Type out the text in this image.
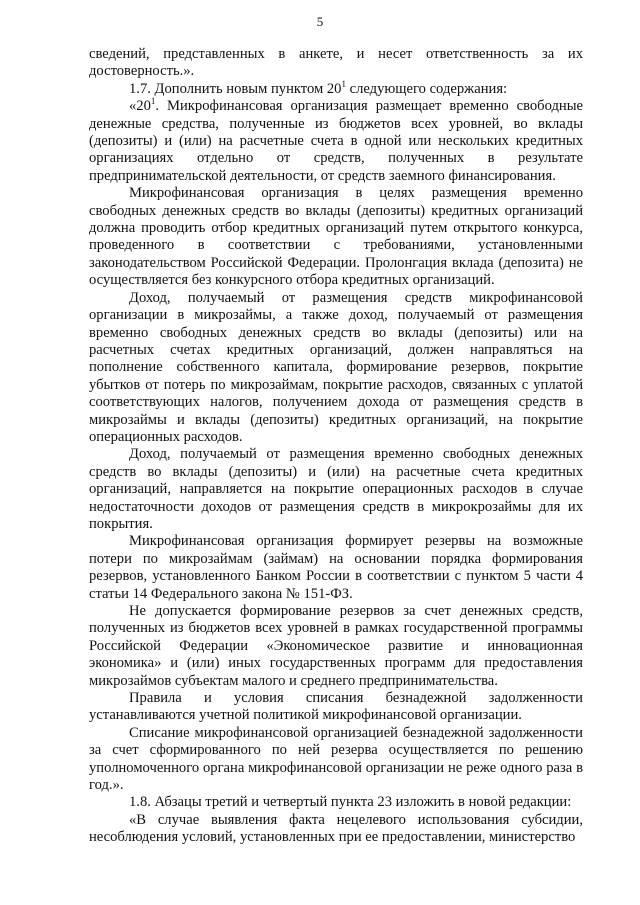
5

сведений, представленных в анкете, и несет ответственность за их достоверность.».

1.7. Дополнить новым пунктом $20^1$ следующего содержания:

«$20^1$. Микрофинансовая организация размещает временно свободные денежные средства, полученные из бюджетов всех уровней, во вклады (депозиты) и (или) на расчетные счета в одной или нескольких кредитных организациях отдельно от средств, полученных в результате предпринимательской деятельности, от средств заемного финансирования.

Микрофинансовая организация в целях размещения временно свободных денежных средств во вклады (депозиты) кредитных организаций должна проводить отбор кредитных организаций путем открытого конкурса, проведенного в соответствии с требованиями, установленными законодательством Российской Федерации. Пролонгация вклада (депозита) не осуществляется без конкурсного отбора кредитных организаций.

Доход, получаемый от размещения средств микрофинансовой организации в микрозаймы, а также доход, получаемый от размещения временно свободных денежных средств во вклады (депозиты) или на расчетных счетах кредитных организаций, должен направляться на пополнение собственного капитала, формирование резервов, покрытие убытков от потерь по микрозаймам, покрытие расходов, связанных с уплатой соответствующих налогов, получением дохода от размещения средств в микрозаймы и вклады (депозиты) кредитных организаций, на покрытие операционных расходов.

Доход, получаемый от размещения временно свободных денежных средств во вклады (депозиты) и (или) на расчетные счета кредитных организаций, направляется на покрытие операционных расходов в случае недостаточности доходов от размещения средств в микрокрозаймы для их покрытия.

Микрофинансовая организация формирует резервы на возможные потери по микрозаймам (займам) на основании порядка формирования резервов, установленного Банком России в соответствии с пунктом 5 части 4 статьи 14 Федерального закона № 151-ФЗ.

Не допускается формирование резервов за счет денежных средств, полученных из бюджетов всех уровней в рамках государственной программы Российской Федерации «Экономическое развитие и инновационная экономика» и (или) иных государственных программ для предоставления микрозаймов субъектам малого и среднего предпринимательства.

Правила и условия списания безнадежной задолженности устанавливаются учетной политикой микрофинансовой организации.

Списание микрофинансовой организацией безнадежной задолженности за счет сформированного по ней резерва осуществляется по решению уполномоченного органа микрофинансовой организации не реже одного раза в год.».

1.8. Абзацы третий и четвертый пункта 23 изложить в новой редакции:

«В случае выявления факта нецелевого использования субсидии, несоблюдения условий, установленных при ее предоставлении, министерство
